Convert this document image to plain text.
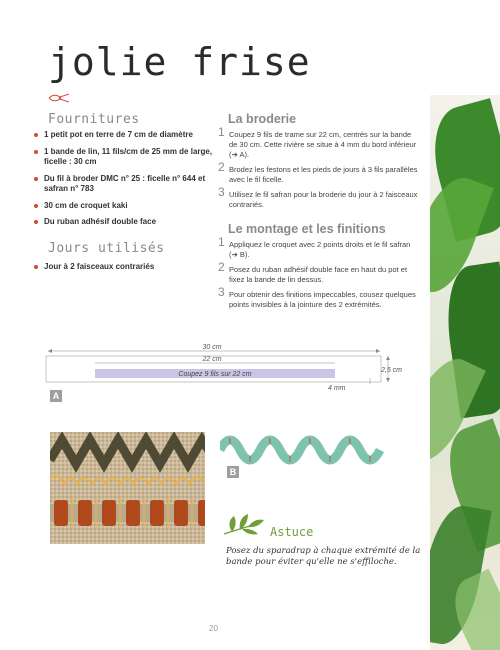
jolie frise
Fournitures
1 petit pot en terre de 7 cm de diamètre
1 bande de lin, 11 fils/cm de 25 mm de large, ficelle : 30 cm
Du fil à broder DMC n° 25 : ficelle n° 644 et safran n° 783
30 cm de croquet kaki
Du ruban adhésif double face
Jours utilisés
Jour à 2 faisceaux contrariés
La broderie
1 Coupez 9 fils de trame sur 22 cm, centrés sur la bande de 30 cm. Cette rivière se situe à 4 mm du bord inférieur (➔ A).
2 Brodez les festons et les pieds de jours à 3 fils parallèles avec le fil ficelle.
3 Utilisez le fil safran pour la broderie du jour à 2 faisceaux contrariés.
Le montage et les finitions
1 Appliquez le croquet avec 2 points droits et le fil safran (➔ B).
2 Posez du ruban adhésif double face en haut du pot et fixez la bande de lin dessus.
3 Pour obtenir des finitions impeccables, cousez quelques points invisibles à la jointure des 2 extrémités.
30 cm
22 cm
Coupez 9 fils sur 22 cm
2,5 cm
4 mm
A
B
Astuce

Posez du sparadrap à chaque extrémité de la bande pour éviter qu'elle ne s'effiloche.

20
